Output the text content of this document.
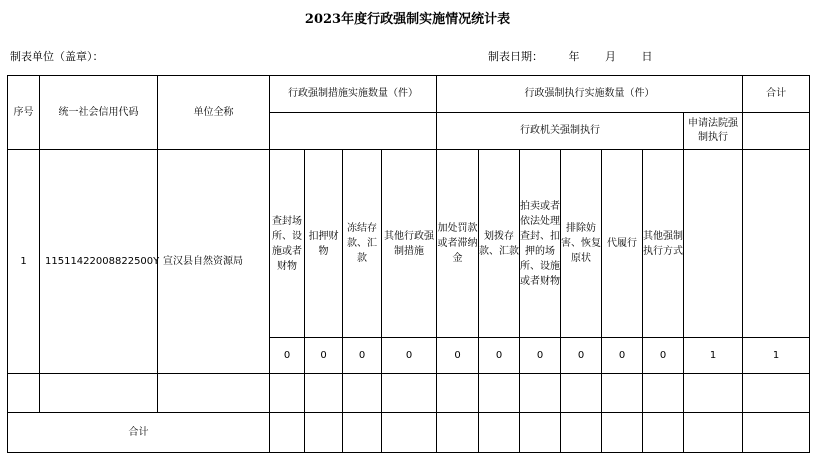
2023年度行政强制实施情况统计表
制表单位（盖章）：	制表日期： 年 月 日
序号	统一社会信用代码	单位全称	行政强制措施实施数量（件）				行政强制执行实施数量（件）							合计
							行政机关强制执行						申请法院强制执行	
1	11511422008822500Y	宣汉县自然资源局	查封场所、设施或者财物	扣押财物	冻结存款、汇款	其他行政强制措施	加处罚款或者滞纳金	划拨存款、汇款	拍卖或者依法处理查封、扣押的场所、设施或者财物	排除妨害、恢复原状	代履行	其他强制执行方式		
			0	0	0	0	0	0	0	0	0	0	1	1

合计														
